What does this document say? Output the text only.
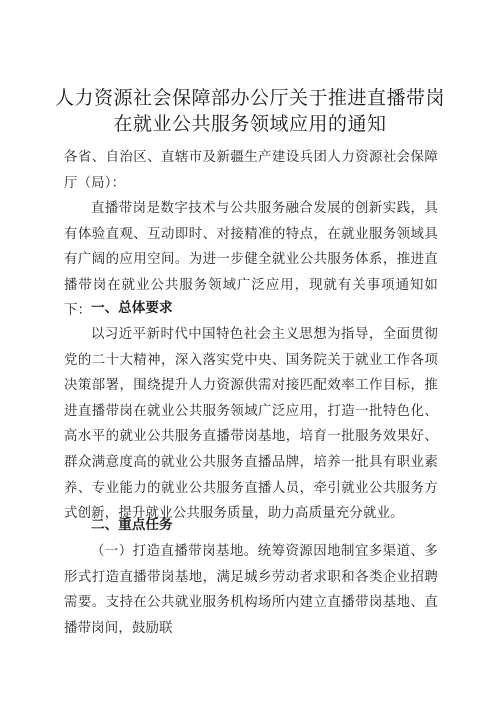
人力资源社会保障部办公厅关于推进直播带岗
在就业公共服务领域应用的通知
各省、自治区、直辖市及新疆生产建设兵团人力资源社会保障厅（局）：
直播带岗是数字技术与公共服务融合发展的创新实践，具有体验直观、互动即时、对接精准的特点，在就业服务领域具有广阔的应用空间。为进一步健全就业公共服务体系，推进直播带岗在就业公共服务领域广泛应用，现就有关事项通知如下： 一、总体要求
以习近平新时代中国特色社会主义思想为指导，全面贯彻党的二十大精神，深入落实党中央、国务院关于就业工作各项决策部署，围绕提升人力资源供需对接匹配效率工作目标，推进直播带岗在就业公共服务领域广泛应用，打造一批特色化、高水平的就业公共服务直播带岗基地，培育一批服务效果好、群众满意度高的就业公共服务直播品牌，培养一批具有职业素养、专业能力的就业公共服务直播人员，牵引就业公共服务方式创新，提升就业公共服务质量，助力高质量充分就业。
二、重点任务
（一）打造直播带岗基地。统筹资源因地制宜多渠道、多形式打造直播带岗基地，满足城乡劳动者求职和各类企业招聘需要。支持在公共就业服务机构场所内建立直播带岗基地、直播带岗间，鼓励联
